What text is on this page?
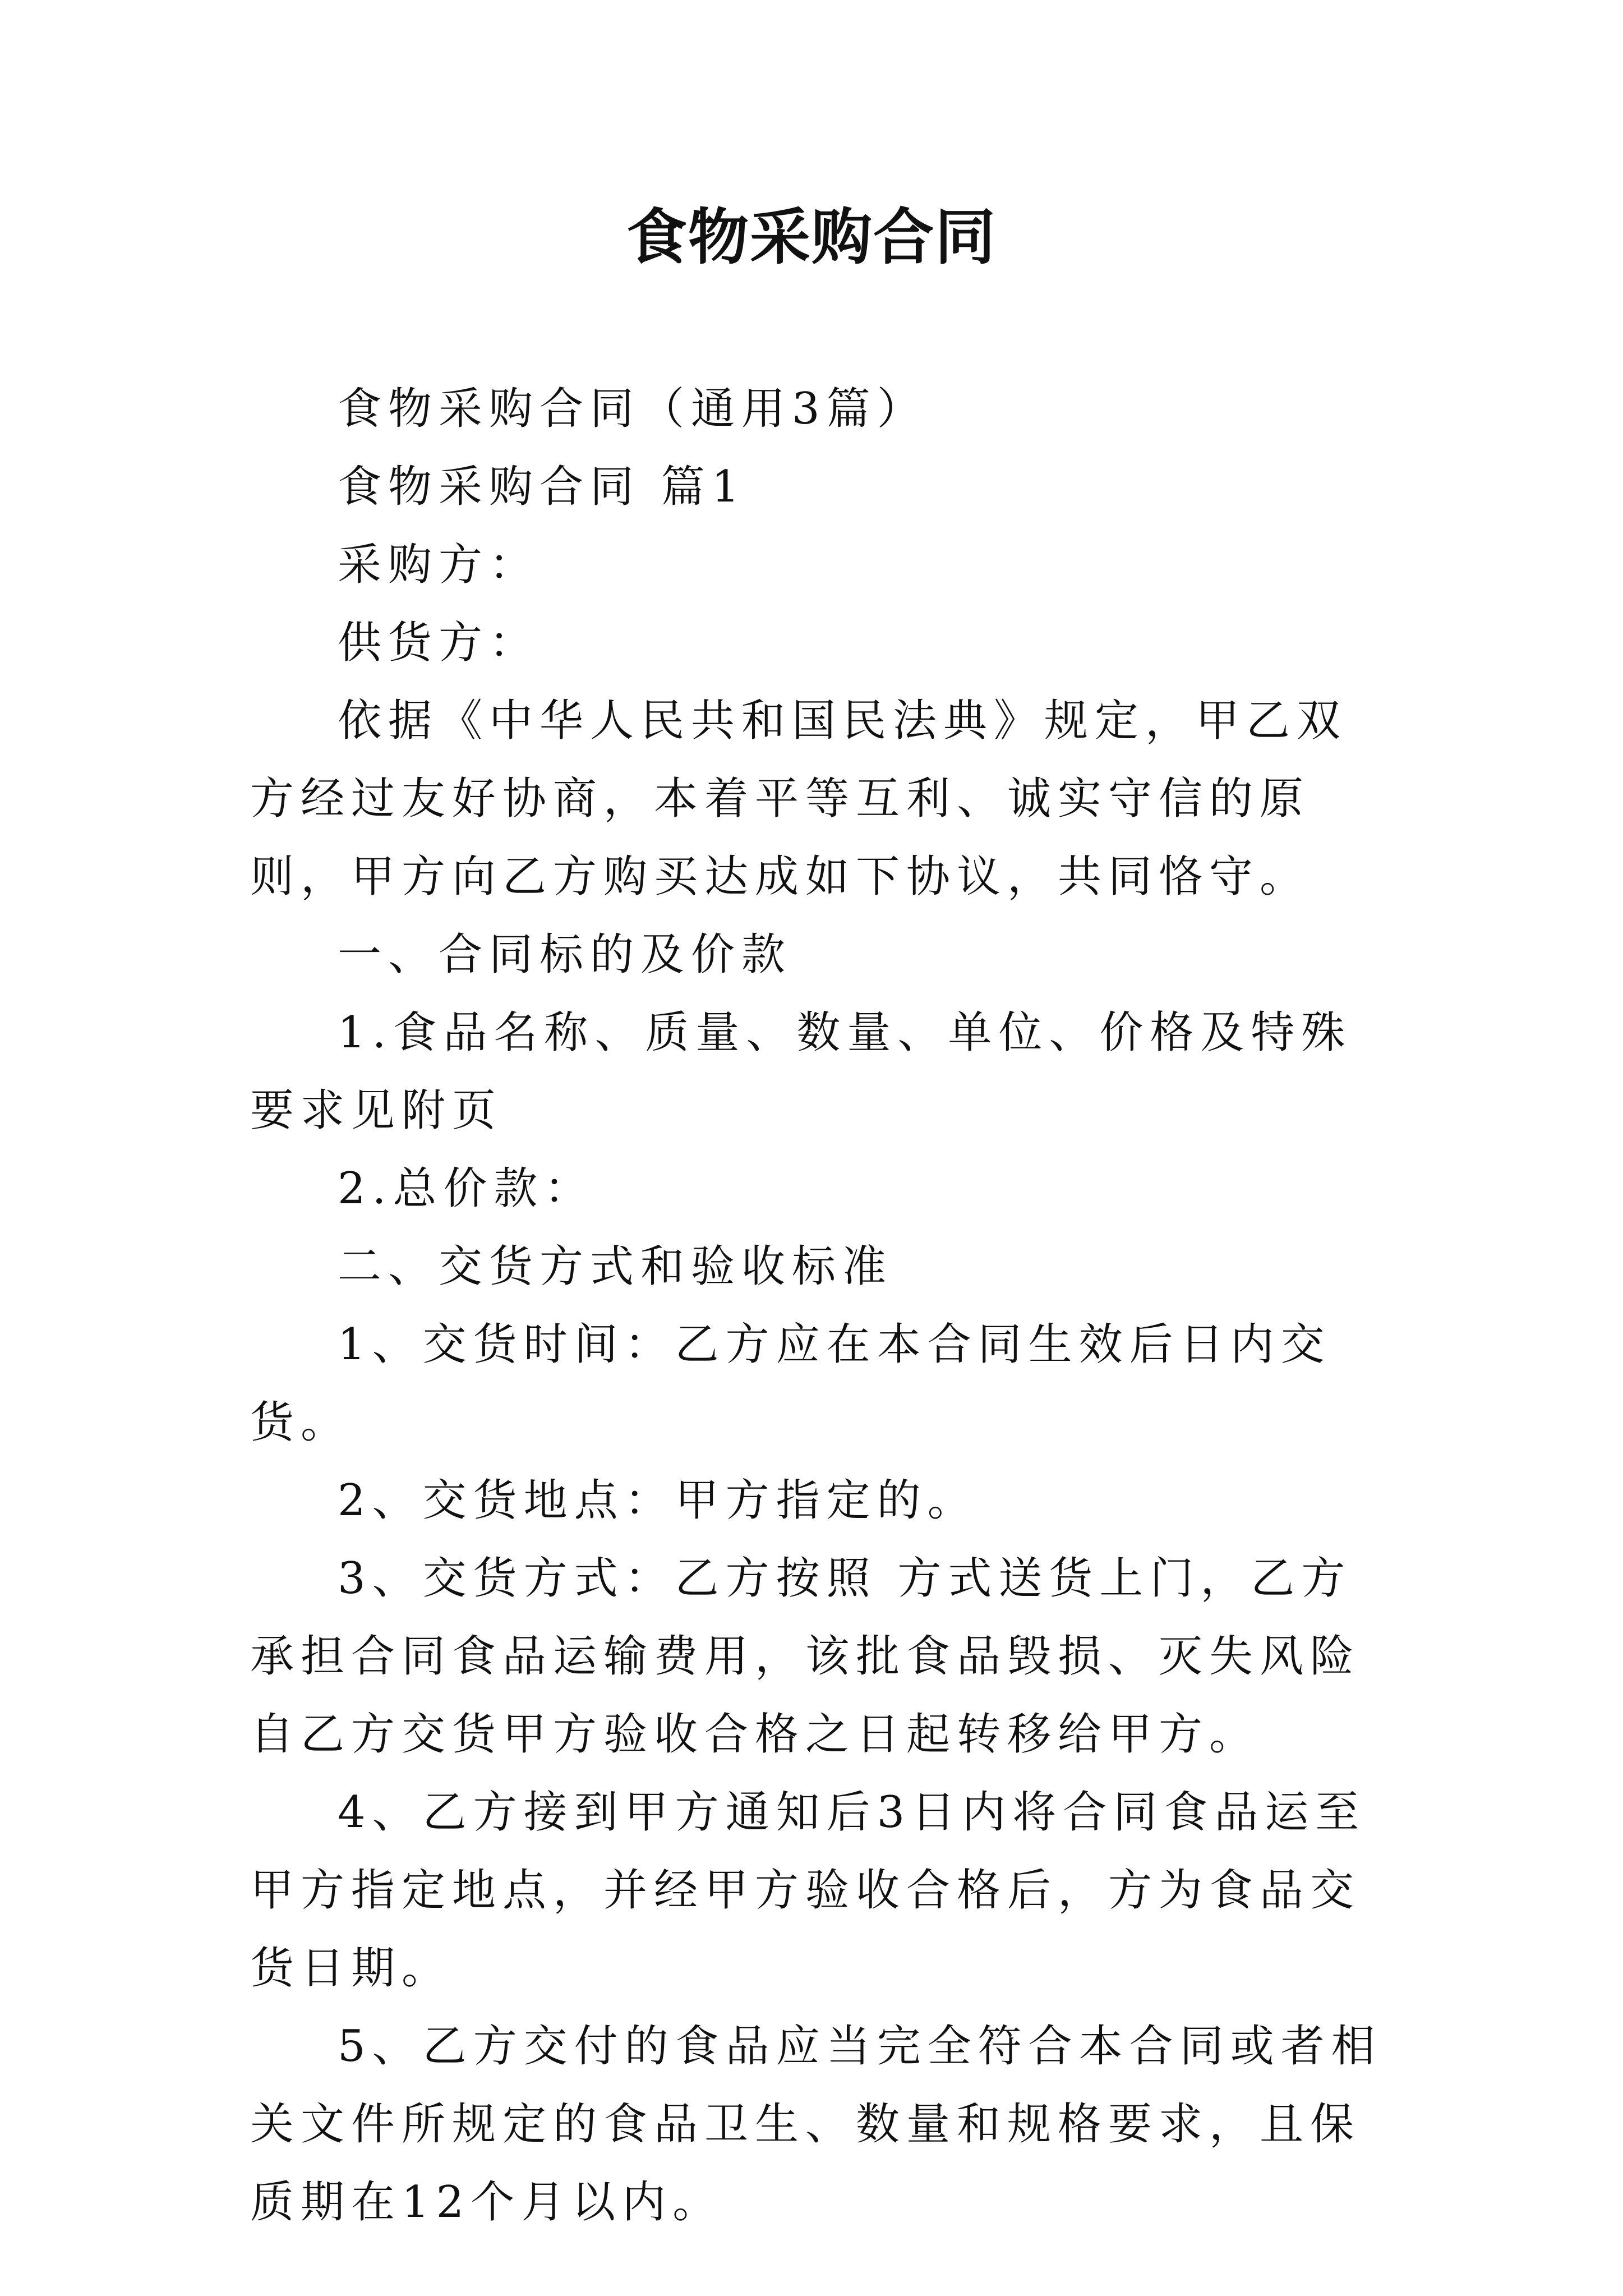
食物采购合同

食物采购合同（通用3篇）

食物采购合同 篇1

采购方：

供货方：

依据《中华人民共和国民法典》规定，甲乙双方经过友好协商，本着平等互利、诚实守信的原则，甲方向乙方购买达成如下协议，共同恪守。

一、合同标的及价款

1.食品名称、质量、数量、单位、价格及特殊要求见附页

2.总价款：

二、交货方式和验收标准

1、交货时间：乙方应在本合同生效后日内交货。

2、交货地点：甲方指定的。

3、交货方式：乙方按照 方式送货上门，乙方承担合同食品运输费用，该批食品毁损、灭失风险自乙方交货甲方验收合格之日起转移给甲方。

4、乙方接到甲方通知后3日内将合同食品运至甲方指定地点，并经甲方验收合格后，方为食品交货日期。

5、乙方交付的食品应当完全符合本合同或者相关文件所规定的食品卫生、数量和规格要求，且保质期在12个月以内。
